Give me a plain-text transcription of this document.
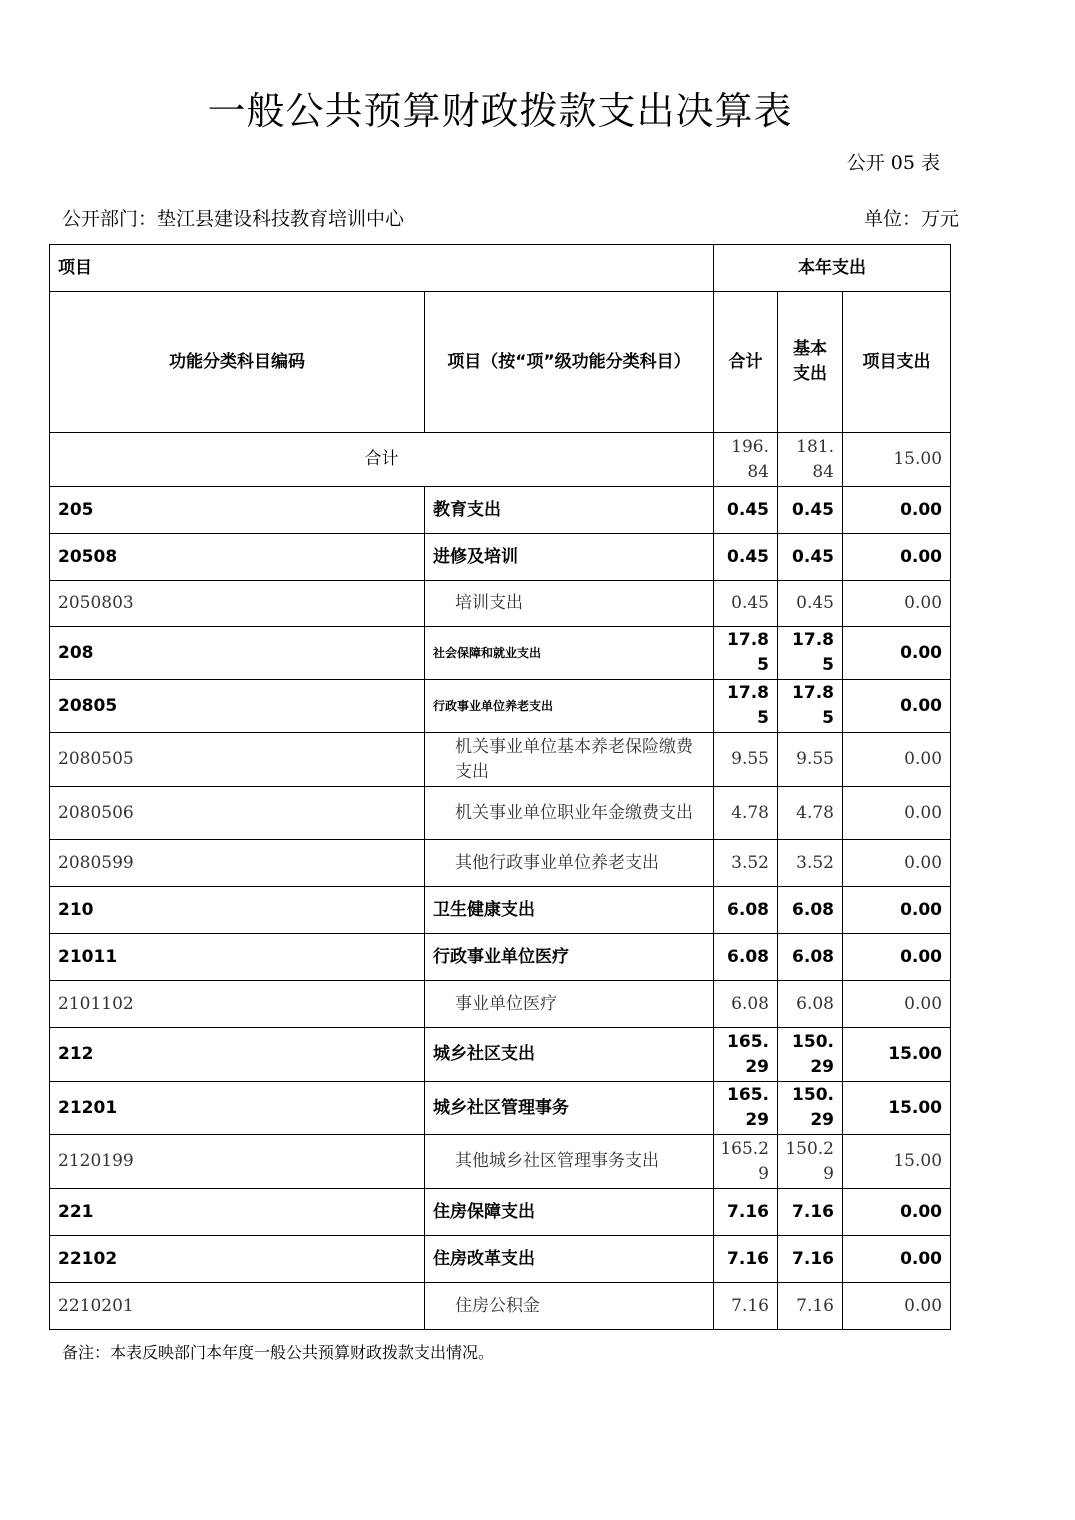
一般公共预算财政拨款支出决算表
公开 05 表
公开部门：垫江县建设科技教育培训中心	单位：万元
项目		本年支出		
功能分类科目编码	项目（按“项”级功能分类科目）	合计	基本支出	项目支出
合计		196.84	181.84	15.00
205	教育支出	0.45	0.45	0.00
20508	进修及培训	0.45	0.45	0.00
2050803	培训支出	0.45	0.45	0.00
208	社会保障和就业支出	17.85	17.85	0.00
20805	行政事业单位养老支出	17.85	17.85	0.00
2080505	机关事业单位基本养老保险缴费支出	9.55	9.55	0.00
2080506	机关事业单位职业年金缴费支出	4.78	4.78	0.00
2080599	其他行政事业单位养老支出	3.52	3.52	0.00
210	卫生健康支出	6.08	6.08	0.00
21011	行政事业单位医疗	6.08	6.08	0.00
2101102	事业单位医疗	6.08	6.08	0.00
212	城乡社区支出	165.29	150.29	15.00
21201	城乡社区管理事务	165.29	150.29	15.00
2120199	其他城乡社区管理事务支出	165.29	150.29	15.00
221	住房保障支出	7.16	7.16	0.00
22102	住房改革支出	7.16	7.16	0.00
2210201	住房公积金	7.16	7.16	0.00
备注：本表反映部门本年度一般公共预算财政拨款支出情况。
